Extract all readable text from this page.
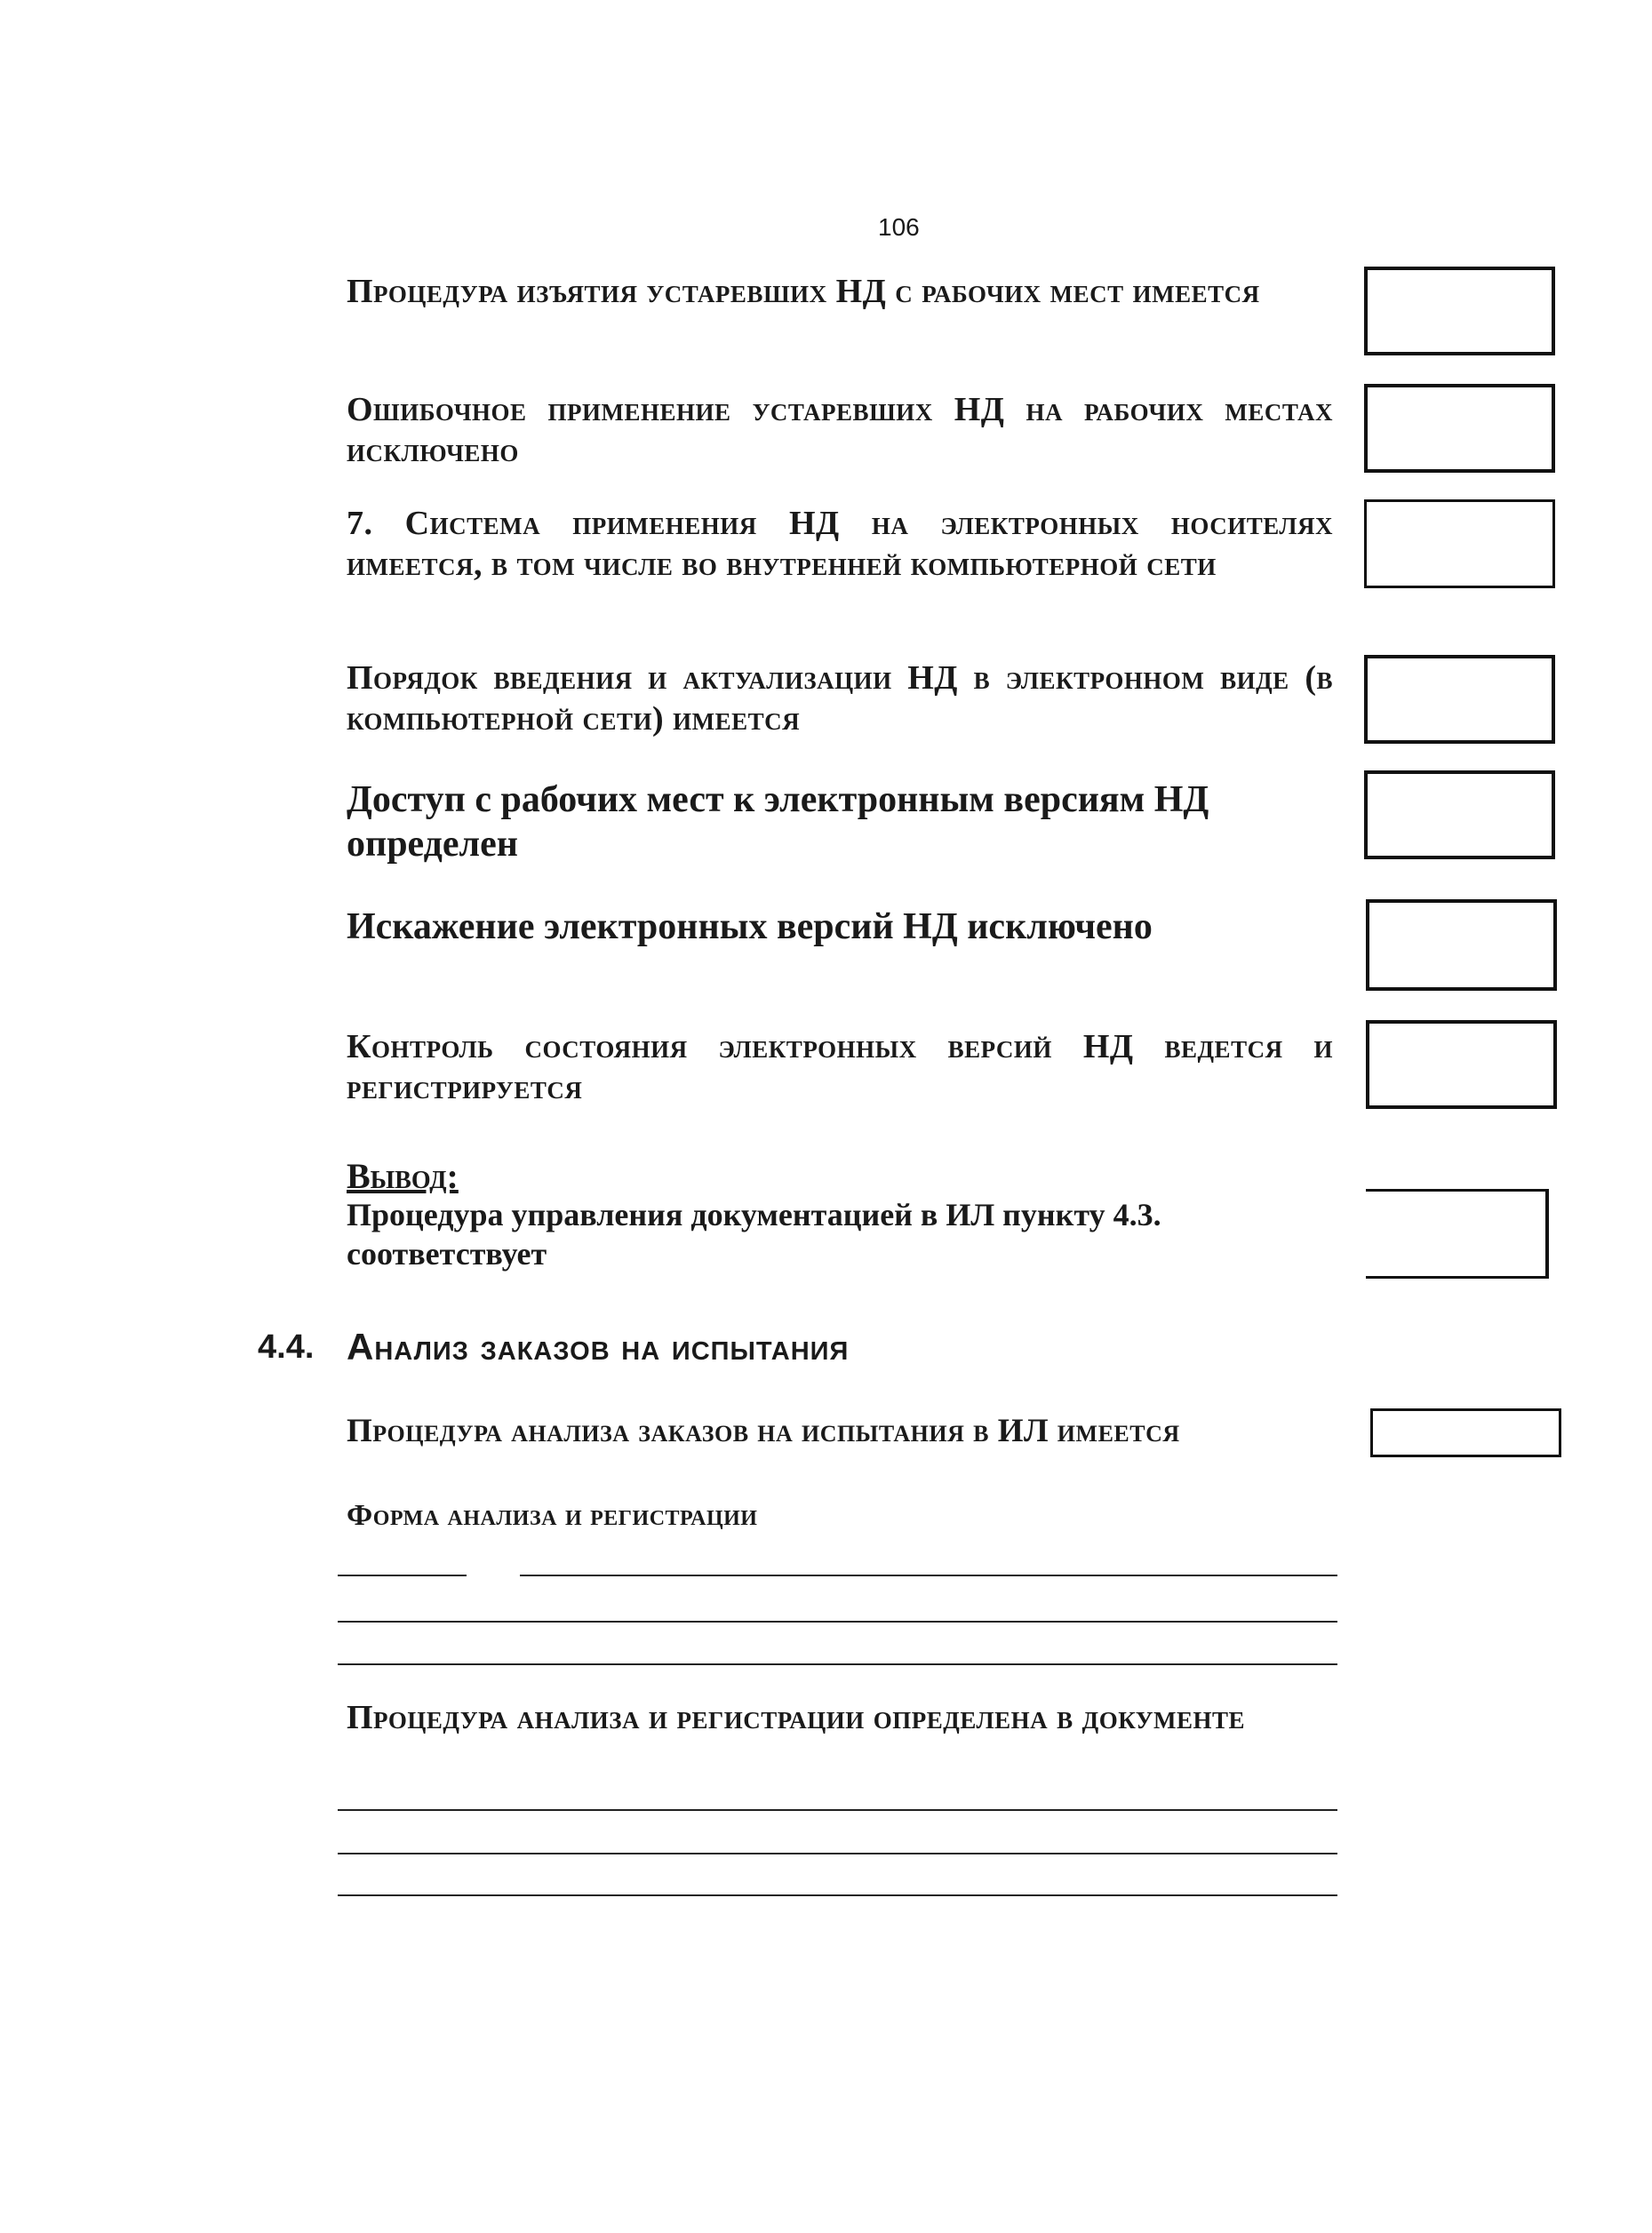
106
Процедура изъятия устаревших НД с рабочих мест имеется
Ошибочное применение устаревших НД на рабочих местах исключено
7. Система применения НД на электронных носителях имеется, в том числе во внутренней компьютерной сети
Порядок введения и актуализации НД в электронном виде (в компьютерной сети) имеется
Доступ с рабочих мест к электронным версиям НД определен
Искажение электронных версий НД исключено
Контроль состояния электронных версий НД ведется и регистрируется
Вывод:
Процедура управления документацией в ИЛ пункту 4.3. соответствует
4.4. Анализ заказов на испытания
Процедура анализа заказов на испытания в ИЛ имеется
Форма анализа и регистрации
Процедура анализа и регистрации определена в документе
